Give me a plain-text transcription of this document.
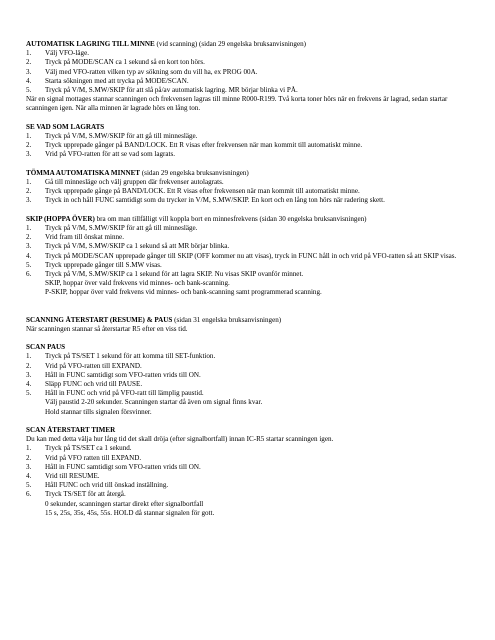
AUTOMATISK LAGRING TILL MINNE (vid scanning) (sidan 29 engelska bruksanvisningen)

1.	Välj VFO-läge.
2.	Tryck på MODE/SCAN ca 1 sekund så en kort ton hörs.
3.	Välj med VFO-ratten vilken typ av sökning som du vill ha, ex PROG 00A.
4.	Starta sökningen med att trycka på MODE/SCAN.
5.	Tryck på V/M, S.MW/SKIP för att slå på/av automatisk lagring. MR börjar blinka vi PÅ.

När en signal mottages stannar scanningen och frekvensen lagras till minne R000-R199. Två korta toner hörs när en frekvens är lagrad, sedan startar scanningen igen. När alla minnen är lagrade hörs en lång ton.

SE VAD SOM LAGRATS

1.	Tryck på V/M, S.MW/SKIP för att gå till minnesläge.
2.	Tryck upprepade gånger på BAND/LOCK. Ett R visas efter frekvensen när man kommit till automatiskt minne.
3.	Vrid på VFO-ratten för att se vad som lagrats.

TÖMMA AUTOMATISKA MINNET (sidan 29 engelska bruksanvisningen)

1.	Gå till minnesläge och välj gruppen där frekvenser autolagrats.
2.	Tryck upprepade gånge på BAND/LOCK. Ett R visas efter frekvensen när man kommit till automatiskt minne.
3.	Tryck in och håll FUNC samtidigt som du trycker in V/M, S.MW/SKIP. En kort och en lång ton hörs när radering skett.

SKIP (HOPPA ÖVER) bra om man tillfälligt vill koppla bort en minnesfrekvens (sidan 30 engelska bruksanvisningen)

1.	Tryck på V/M, S.MW/SKIP för att gå till minnesläge.
2.	Vrid fram till önskat minne.
3.	Tryck på V/M, S.MW/SKIP ca 1 sekund så att MR börjar blinka.
4.	Tryck på MODE/SCAN upprepade gånger till SKIP (OFF kommer nu att visas), tryck in FUNC håll in och vrid på VFO-ratten så att SKIP visas.
5.	Tryck upprepade gånger till S.MW visas.
6.	Tryck på V/M, S.MW/SKIP ca 1 sekund för att lagra SKIP. Nu visas SKIP ovanför minnet.

SKIP, hoppar över vald frekvens vid minnes- och bank-scanning.

P-SKIP, hoppar över vald frekvens vid minnes- och bank-scanning samt programmerad scanning.

SCANNING ÅTERSTART (RESUME) & PAUS (sidan 31 engelska bruksanvisningen)

När scanningen stannar så återstartar R5 efter en viss tid.

SCAN PAUS

1.	Tryck på TS/SET 1 sekund för att komma till SET-funktion.
2.	Vrid på VFO-ratten till EXPAND.
3.	Håll in FUNC samtidigt som VFO-ratten vrids till ON.
4.	Släpp FUNC och vrid till PAUSE.
5.	Håll in FUNC och vrid på VFO-ratt till lämplig paustid.

Välj paustid 2-20 sekunder. Scanningen startar då även om signal finns kvar.

Hold stannar tills signalen försvinner.

SCAN ÅTERSTART TIMER

Du kan med detta välja hur lång tid det skall dröja (efter signalbortfall) innan IC-R5 startar scanningen igen.

1.	Tryck på TS/SET ca 1 sekund.
2.	Vrid på VFO ratten till EXPAND.
3.	Håll in FUNC samtidigt som VFO-ratten vrids till ON.
4.	Vrid till RESUME.
5.	Håll FUNC och vrid till önskad inställning.
6.	Tryck TS/SET för att återgå.

0 sekunder, scanningen startar direkt efter signalbortfall

15 s, 25s, 35s, 45s, 55s. HOLD då stannar signalen för gott.
